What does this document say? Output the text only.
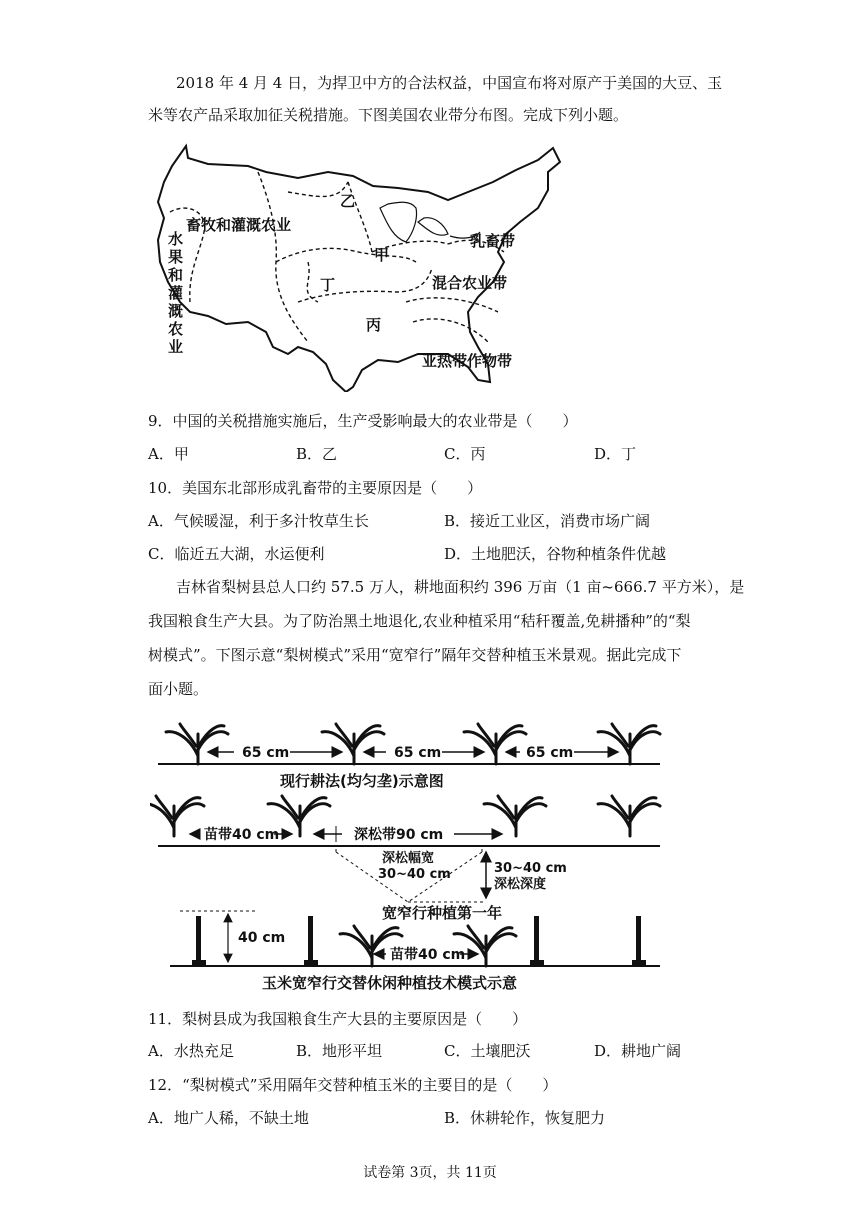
2018 年 4 月 4 日，为捍卫中方的合法权益，中国宣布将对原产于美国的大豆、玉
米等农产品采取加征关税措施。下图美国农业带分布图。完成下列小题。
畜牧和灌溉农业
乙
甲
丁
丙
乳畜带
混合农业带
亚热带作物带
水
果
和
灌
溉
农
业
9．中国的关税措施实施后，生产受影响最大的农业带是（　　）
A．甲	B．乙	C．丙	D．丁
10．美国东北部形成乳畜带的主要原因是（　　）
A．气候暖湿，利于多汁牧草生长	B．接近工业区，消费市场广阔
C．临近五大湖，水运便利	D．土地肥沃，谷物种植条件优越
吉林省梨树县总人口约 57.5 万人，耕地面积约 396 万亩（1 亩~666.7 平方米），是
我国粮食生产大县。为了防治黑土地退化,农业种植采用“秸秆覆盖,免耕播种”的“梨
树模式”。下图示意“梨树模式”采用“宽窄行”隔年交替种植玉米景观。据此完成下
面小题。
65 cm	65 cm	65 cm
现行耕法(均匀垄)示意图
苗带40 cm	深松带90 cm
深松幅宽
30~40 cm	30~40 cm
深松深度
宽窄行种植第一年
40 cm
苗带40 cm
玉米宽窄行交替休闲种植技术模式示意
11．梨树县成为我国粮食生产大县的主要原因是（　　）
A．水热充足	B．地形平坦	C．土壤肥沃	D．耕地广阔
12．“梨树模式”采用隔年交替种植玉米的主要目的是（　　）
A．地广人稀，不缺土地	B．休耕轮作，恢复肥力
试卷第 3页，共 11页
